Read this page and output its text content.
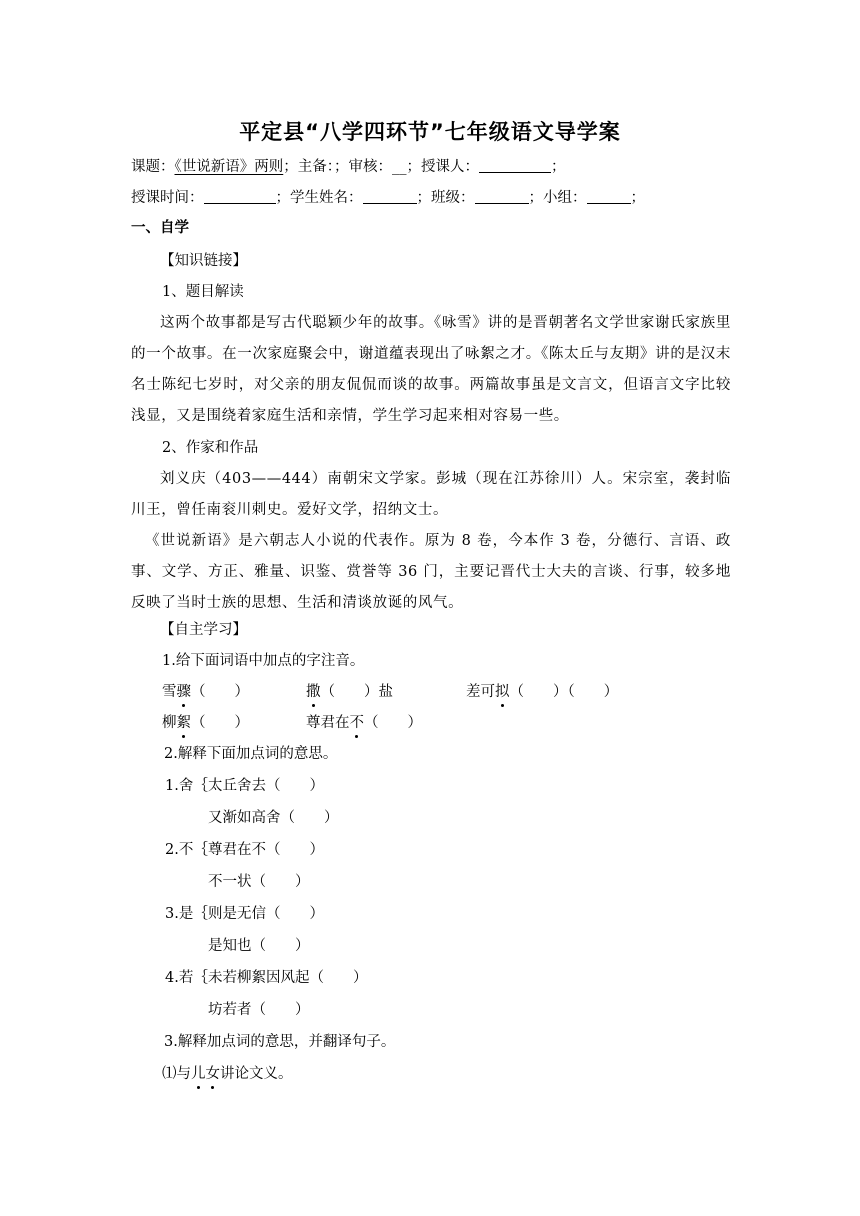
平定县“八学四环节”七年级语文导学案
课题：《世说新语》两则；主备：；审核：__；授课人：	；
授课时间：	；学生姓名：	；班级：	；小组：	；
一、自学
【知识链接】
1、题目解读
这两个故事都是写古代聪颖少年的故事。《咏雪》讲的是晋朝著名文学世家谢氏家族里的一个故事。在一次家庭聚会中，谢道蕴表现出了咏絮之才。《陈太丘与友期》讲的是汉末名士陈纪七岁时，对父亲的朋友侃侃而谈的故事。两篇故事虽是文言文，但语言文字比较浅显，又是围绕着家庭生活和亲情，学生学习起来相对容易一些。
2、作家和作品
刘义庆（403——444）南朝宋文学家。彭城（现在江苏徐川）人。宋宗室，袭封临川王，曾任南衮川刺史。爱好文学，招纳文士。
《世说新语》是六朝志人小说的代表作。原为 8 卷，今本作 3 卷，分德行、言语、政事、文学、方正、雅量、识鉴、赏誉等 36 门，主要记晋代士大夫的言谈、行事，较多地反映了当时士族的思想、生活和清谈放诞的风气。
【自主学习】
1.给下面词语中加点的字注音。
雪骤（　　）	撒（　　）盐	差可拟（　　）（　　）
柳絮（　　）	尊君在不（　　）
2.解释下面加点词的意思。
1.舍｛ 太丘舍去（　　）
又渐如高舍（　　）
2.不｛ 尊君在不（　　）
不一状（　　）
3.是｛ 则是无信（　　）
是知也（　　）
4.若｛ 未若柳絮因风起（　　）
坊若者（　　）
3.解释加点词的意思，并翻译句子。
⑴与儿女讲论文义。
